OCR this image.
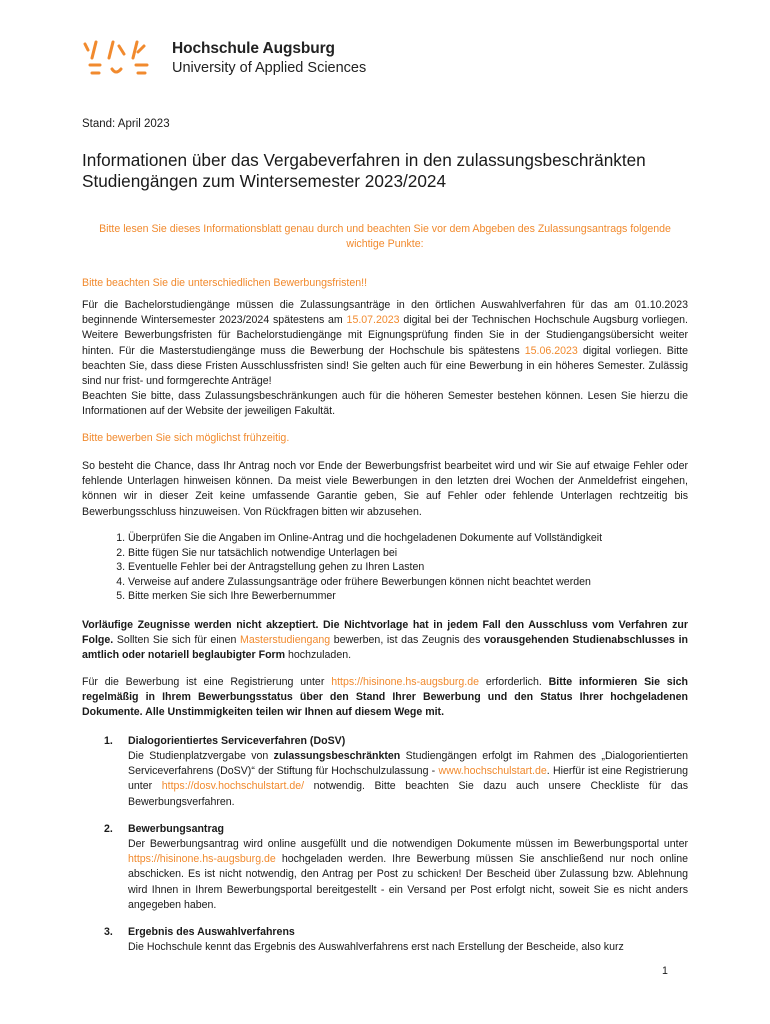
Hochschule Augsburg
University of Applied Sciences
Stand: April 2023
Informationen über das Vergabeverfahren in den zulassungsbeschränkten Studiengängen zum Wintersemester 2023/2024
Bitte lesen Sie dieses Informationsblatt genau durch und beachten Sie vor dem Abgeben des Zulassungsantrags folgende wichtige Punkte:
Bitte beachten Sie die unterschiedlichen Bewerbungsfristen!!

Für die Bachelorstudiengänge müssen die Zulassungsanträge in den örtlichen Auswahlverfahren für das am 01.10.2023 beginnende Wintersemester 2023/2024 spätestens am 15.07.2023 digital bei der Technischen Hochschule Augsburg vorliegen. Weitere Bewerbungsfristen für Bachelorstudiengänge mit Eignungsprüfung finden Sie in der Studiengangsübersicht weiter hinten. Für die Masterstudiengänge muss die Bewerbung der Hochschule bis spätestens 15.06.2023 digital vorliegen. Bitte beachten Sie, dass diese Fristen Ausschlussfristen sind! Sie gelten auch für eine Bewerbung in ein höheres Semester. Zulässig sind nur frist- und formgerechte Anträge!

Beachten Sie bitte, dass Zulassungsbeschränkungen auch für die höheren Semester bestehen können. Lesen Sie hierzu die Informationen auf der Website der jeweiligen Fakultät.

Bitte bewerben Sie sich möglichst frühzeitig.
So besteht die Chance, dass Ihr Antrag noch vor Ende der Bewerbungsfrist bearbeitet wird und wir Sie auf etwaige Fehler oder fehlende Unterlagen hinweisen können. Da meist viele Bewerbungen in den letzten drei Wochen der Anmeldefrist eingehen, können wir in dieser Zeit keine umfassende Garantie geben, Sie auf Fehler oder fehlende Unterlagen rechtzeitig bis Bewerbungsschluss hinzuweisen. Von Rückfragen bitten wir abzusehen.
1. Überprüfen Sie die Angaben im Online-Antrag und die hochgeladenen Dokumente auf Vollständigkeit
2. Bitte fügen Sie nur tatsächlich notwendige Unterlagen bei
3. Eventuelle Fehler bei der Antragstellung gehen zu Ihren Lasten
4. Verweise auf andere Zulassungsanträge oder frühere Bewerbungen können nicht beachtet werden
5. Bitte merken Sie sich Ihre Bewerbernummer
Vorläufige Zeugnisse werden nicht akzeptiert. Die Nichtvorlage hat in jedem Fall den Ausschluss vom Verfahren zur Folge. Sollten Sie sich für einen Masterstudiengang bewerben, ist das Zeugnis des vorausgehenden Studienabschlusses in amtlich oder notariell beglaubigter Form hochzuladen.
Für die Bewerbung ist eine Registrierung unter https://hisinone.hs-augsburg.de erforderlich. Bitte informieren Sie sich regelmäßig in Ihrem Bewerbungsstatus über den Stand Ihrer Bewerbung und den Status Ihrer hochgeladenen Dokumente. Alle Unstimmigkeiten teilen wir Ihnen auf diesem Wege mit.
1. Dialogorientiertes Serviceverfahren (DoSV)
Die Studienplatzvergabe von zulassungsbeschränkten Studiengängen erfolgt im Rahmen des „Dialogorientierten Serviceverfahrens (DoSV)“ der Stiftung für Hochschulzulassung - www.hochschulstart.de. Hierfür ist eine Registrierung unter https://dosv.hochschulstart.de/ notwendig. Bitte beachten Sie dazu auch unsere Checkliste für das Bewerbungsverfahren.
2. Bewerbungsantrag
Der Bewerbungsantrag wird online ausgefüllt und die notwendigen Dokumente müssen im Bewerbungsportal unter https://hisinone.hs-augsburg.de hochgeladen werden. Ihre Bewerbung müssen Sie anschließend nur noch online abschicken. Es ist nicht notwendig, den Antrag per Post zu schicken! Der Bescheid über Zulassung bzw. Ablehnung wird Ihnen in Ihrem Bewerbungsportal bereitgestellt - ein Versand per Post erfolgt nicht, soweit Sie es nicht anders angegeben haben.
3. Ergebnis des Auswahlverfahrens
Die Hochschule kennt das Ergebnis des Auswahlverfahrens erst nach Erstellung der Bescheide, also kurz
1
